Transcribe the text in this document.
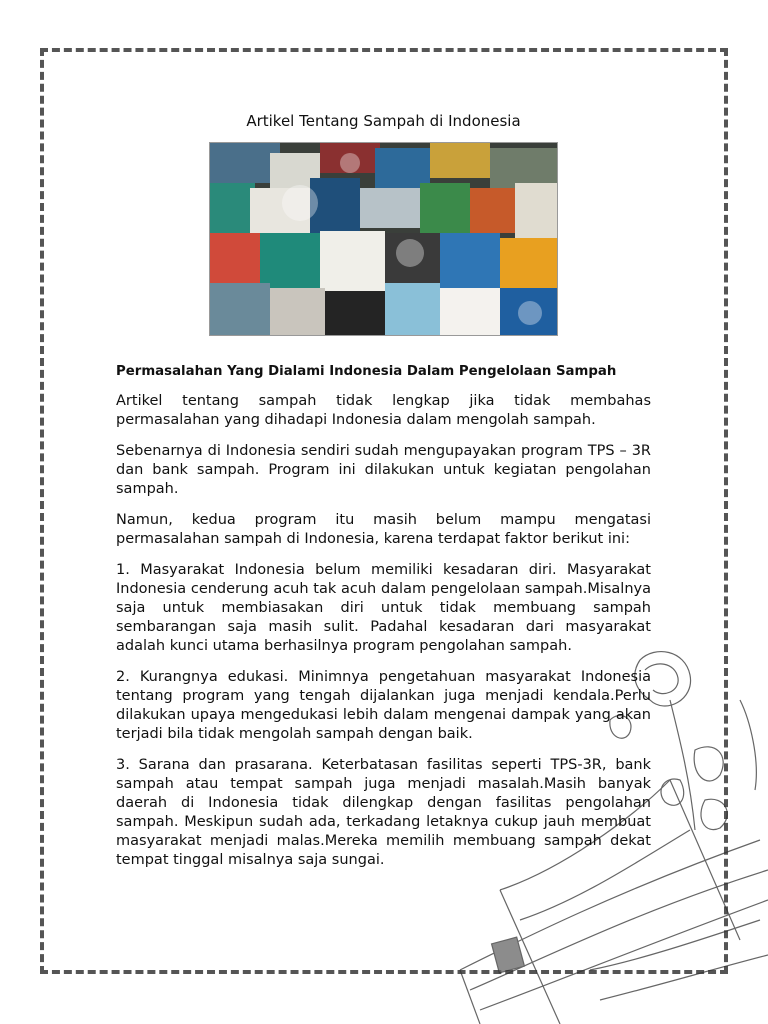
Artikel Tentang Sampah di Indonesia
Permasalahan Yang Dialami Indonesia Dalam Pengelolaan Sampah

Artikel tentang sampah tidak lengkap jika tidak membahas permasalahan yang dihadapi Indonesia dalam mengolah sampah.

Sebenarnya di Indonesia sendiri sudah mengupayakan program TPS – 3R dan bank sampah. Program ini dilakukan untuk kegiatan pengolahan sampah.

Namun, kedua program itu masih belum mampu mengatasi permasalahan sampah di Indonesia, karena terdapat faktor berikut ini:

1. Masyarakat Indonesia belum memiliki kesadaran diri. Masyarakat Indonesia cenderung acuh tak acuh dalam pengelolaan sampah.Misalnya saja untuk membiasakan diri untuk tidak membuang sampah sembarangan saja masih sulit. Padahal kesadaran dari masyarakat adalah kunci utama berhasilnya program pengolahan sampah.

2. Kurangnya edukasi. Minimnya pengetahuan masyarakat Indonesia tentang program yang tengah dijalankan juga menjadi kendala.Perlu dilakukan upaya mengedukasi lebih dalam mengenai dampak yang akan terjadi bila tidak mengolah sampah dengan baik.

3. Sarana dan prasarana. Keterbatasan fasilitas seperti TPS-3R, bank sampah atau tempat sampah juga menjadi masalah.Masih banyak daerah di Indonesia tidak dilengkap dengan fasilitas pengolahan sampah. Meskipun sudah ada, terkadang letaknya cukup jauh membuat masyarakat menjadi malas.Mereka memilih membuang sampah dekat tempat tinggal misalnya saja sungai.
